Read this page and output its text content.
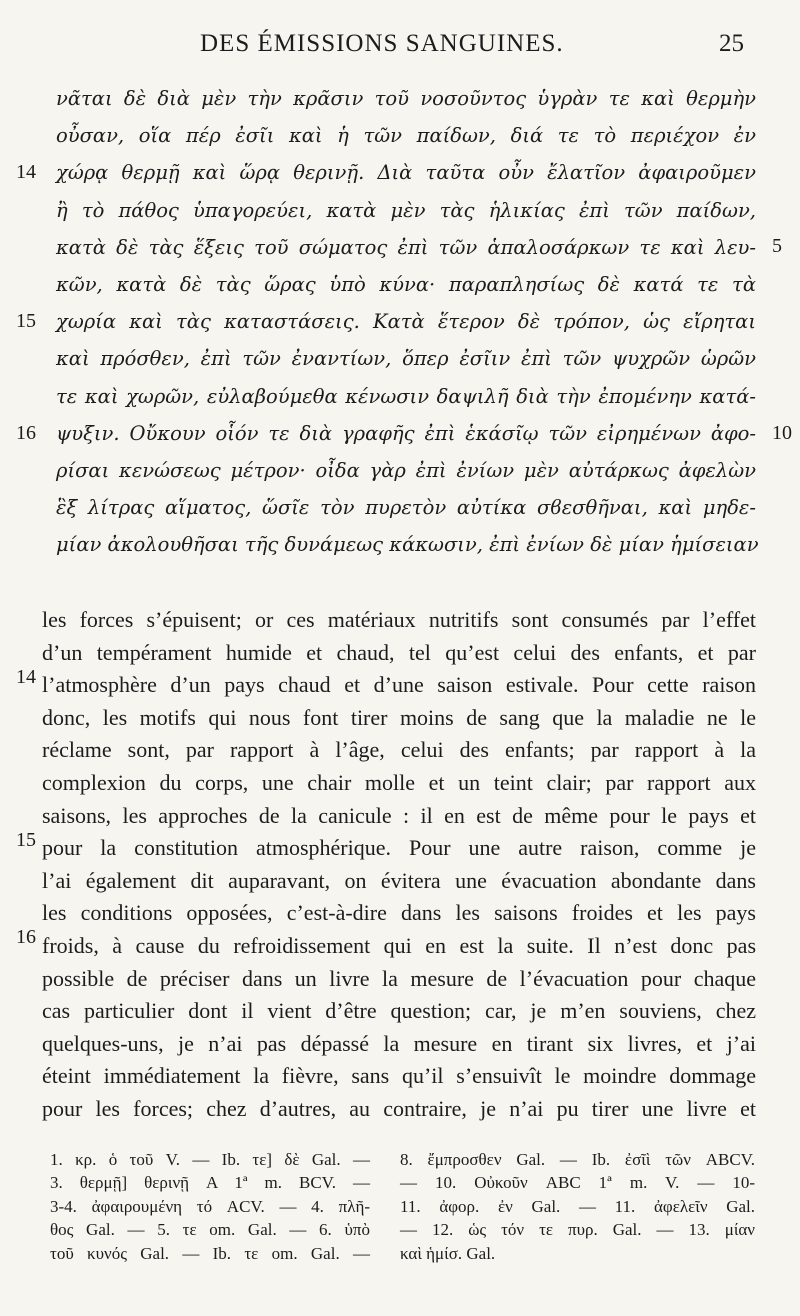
DES ÉMISSIONS SANGUINES.	25
14
15
16
5
10
14
15
16
νᾶται δὲ διὰ μὲν τὴν κρᾶσιν τοῦ νοσοῦντος ὑγρὰν τε καὶ θερμὴν
οὖσαν, οἵα πέρ ἐσῖι καὶ ἡ τῶν παίδων, διά τε τὸ περιέχον ἐν
χώρᾳ θερμῇ καὶ ὥρᾳ θερινῇ. Διὰ ταῦτα οὖν ἔλατῖον ἀφαιροῦμεν
ἢ τὸ πάθος ὑπαγορεύει, κατὰ μὲν τὰς ἡλικίας ἐπὶ τῶν παίδων,
κατὰ δὲ τὰς ἕξεις τοῦ σώματος ἐπὶ τῶν ἁπαλοσάρκων τε καὶ λευ-
κῶν, κατὰ δὲ τὰς ὥρας ὑπὸ κύνα· παραπλησίως δὲ κατά τε τὰ
χωρία καὶ τὰς καταστάσεις. Κατὰ ἕτερον δὲ τρόπον, ὡς εἴρηται
καὶ πρόσθεν, ἐπὶ τῶν ἐναντίων, ὅπερ ἐσῖιν ἐπὶ τῶν ψυχρῶν ὡρῶν
τε καὶ χωρῶν, εὐλαβούμεθα κένωσιν δαψιλῆ διὰ τὴν ἐπομένην κατά-
ψυξιν. Οὔκουν οἷόν τε διὰ γραφῆς ἐπὶ ἑκάσῖῳ τῶν εἰρημένων ἀφο-
ρίσαι κενώσεως μέτρον· οἶδα γὰρ ἐπὶ ἐνίων μὲν αὐτάρκως ἀφελὼν
ἓξ λίτρας αἵματος, ὥσῖε τὸν πυρετὸν αὐτίκα σϐεσθῆναι, καὶ μηδε-
μίαν ἀκολουθῆσαι τῆς δυνάμεως κάκωσιν, ἐπὶ ἐνίων δὲ μίαν ἡμίσειαν
les forces s’épuisent; or ces matériaux nutritifs sont consumés par l’effet
d’un tempérament humide et chaud, tel qu’est celui des enfants, et par
l’atmosphère d’un pays chaud et d’une saison estivale. Pour cette raison
donc, les motifs qui nous font tirer moins de sang que la maladie ne le
réclame sont, par rapport à l’âge, celui des enfants; par rapport à la
complexion du corps, une chair molle et un teint clair; par rapport aux
saisons, les approches de la canicule : il en est de même pour le pays et
pour la constitution atmosphérique. Pour une autre raison, comme je
l’ai également dit auparavant, on évitera une évacuation abondante dans
les conditions opposées, c’est-à-dire dans les saisons froides et les pays
froids, à cause du refroidissement qui en est la suite. Il n’est donc pas
possible de préciser dans un livre la mesure de l’évacuation pour chaque
cas particulier dont il vient d’être question; car, je m’en souviens, chez
quelques-uns, je n’ai pas dépassé la mesure en tirant six livres, et j’ai
éteint immédiatement la fièvre, sans qu’il s’ensuivît le moindre dommage
pour les forces; chez d’autres, au contraire, je n’ai pu tirer une livre et
1. κρ. ὁ τοῦ V. — Ib. τε] δὲ Gal. —
3. θερμῇ] θερινῇ A 1ª m. BCV. —
3-4. ἀφαιρουμένη τό ACV. — 4. πλῆ-
θος Gal. — 5. τε om. Gal. — 6. ὑπὸ
τοῦ κυνός Gal. — Ib. τε om. Gal. —
8. ἔμπροσθεν Gal. — Ib. ἐσῖὶ τῶν ABCV.
— 10. Οὐκοῦν ABC 1ª m. V. — 10-
11. ἀφορ. ἐν Gal. — 11. ἀφελεῖν Gal.
— 12. ὡς τόν τε πυρ. Gal. — 13. μίαν
καὶ ἡμίσ. Gal.
